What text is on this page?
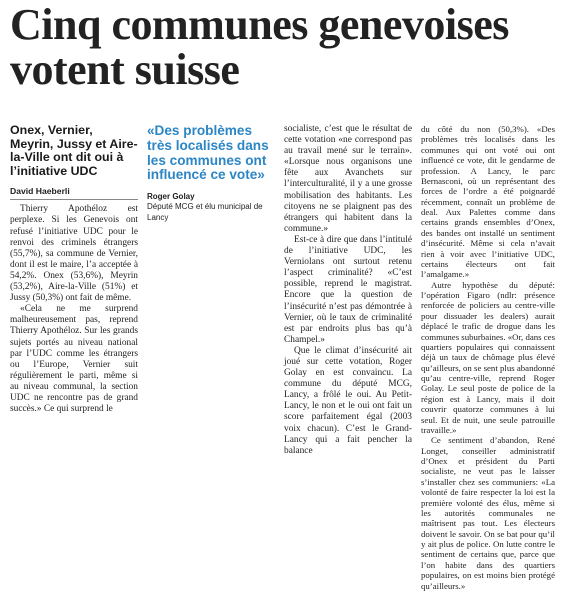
Cinq communes genevoises votent suisse
Onex, Vernier, Meyrin, Jussy et Aire-la-Ville ont dit oui à l’initiative UDC
David Haeberli

Thierry Apothéloz est perplexe. Si les Genevois ont refusé l’initiative UDC pour le renvoi des criminels étrangers (55,7%), sa commune de Vernier, dont il est le maire, l’a acceptée à 54,2%. Onex (53,6%), Meyrin (53,2%), Aire-la-Ville (51%) et Jussy (50,3%) ont fait de même.

«Cela ne me surprend malheureusement pas, reprend Thierry Apothéloz. Sur les grands sujets portés au niveau national par l’UDC comme les étrangers ou l’Europe, Vernier suit régulièrement le parti, même si au niveau communal, la section UDC ne rencontre pas de grand succès.» Ce qui surprend le

«Des problèmes très localisés dans les communes ont influencé ce vote»
Roger Golay
Député MCG et élu municipal de Lancy

socialiste, c’est que le résultat de cette votation «ne correspond pas au travail mené sur le terrain». «Lorsque nous organisons une fête aux Avanchets sur l’interculturalité, il y a une grosse mobilisation des habitants. Les citoyens ne se plaignent pas des étrangers qui habitent dans la commune.»

Est-ce à dire que dans l’intitulé de l’initiative UDC, les Verniolans ont surtout retenu l’aspect criminalité? «C’est possible, reprend le magistrat. Encore que la question de l’insécurité n’est pas démontrée à Vernier, où le taux de criminalité est par endroits plus bas qu’à Champel.»

Que le climat d’insécurité ait joué sur cette votation, Roger Golay en est convaincu. La commune du député MCG, Lancy, a frôlé le oui. Au Petit-Lancy, le non et le oui ont fait un score parfaitement égal (2003 voix chacun). C’est le Grand-Lancy qui a fait pencher la balance

du côté du non (50,3%). «Des problèmes très localisés dans les communes qui ont voté oui ont influencé ce vote, dit le gendarme de profession. A Lancy, le parc Bernasconi, où un représentant des forces de l’ordre a été poignardé récemment, connaît un problème de deal. Aux Palettes comme dans certains grands ensembles d’Onex, des bandes ont installé un sentiment d’insécurité. Même si cela n’avait rien à voir avec l’initiative UDC, certains électeurs ont fait l’amalgame.»

Autre hypothèse du député: l’opération Figaro (ndlr: présence renforcée de policiers au centre-ville pour dissuader les dealers) aurait déplacé le trafic de drogue dans les communes suburbaines. «Or, dans ces quartiers populaires qui connaissent déjà un taux de chômage plus élevé qu’ailleurs, on se sent plus abandonné qu’au centre-ville, reprend Roger Golay. Le seul poste de police de la région est à Lancy, mais il doit couvrir quatorze communes à lui seul. Et de nuit, une seule patrouille travaille.»

Ce sentiment d’abandon, René Longet, conseiller administratif d’Onex et président du Parti socialiste, ne veut pas le laisser s’installer chez ses communiers: «La volonté de faire respecter la loi est la première volonté des élus, même si les autorités communales ne maîtrisent pas tout. Les électeurs doivent le savoir. On se bat pour qu’il y ait plus de police. On lutte contre le sentiment de certains que, parce que l’on habite dans des quartiers populaires, on est moins bien protégé qu’ailleurs.»
